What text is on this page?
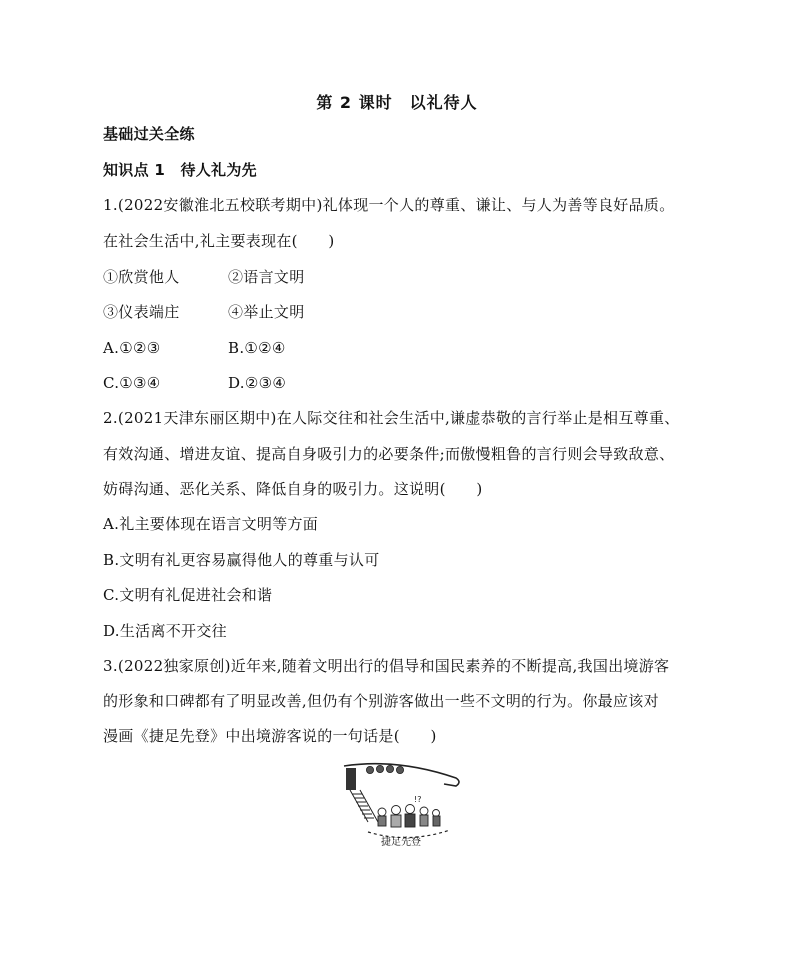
第 2 课时　以礼待人
基础过关全练
知识点 1　待人礼为先
1.(2022安徽淮北五校联考期中)礼体现一个人的尊重、谦让、与人为善等良好品质。
在社会生活中,礼主要表现在(　　)
①欣赏他人	②语言文明
③仪表端庄	④举止文明
A.①②③	B.①②④
C.①③④	D.②③④
2.(2021天津东丽区期中)在人际交往和社会生活中,谦虚恭敬的言行举止是相互尊重、
有效沟通、增进友谊、提高自身吸引力的必要条件;而傲慢粗鲁的言行则会导致敌意、
妨碍沟通、恶化关系、降低自身的吸引力。这说明(　　)
A.礼主要体现在语言文明等方面
B.文明有礼更容易赢得他人的尊重与认可
C.文明有礼促进社会和谐
D.生活离不开交往
3.(2022独家原创)近年来,随着文明出行的倡导和国民素养的不断提高,我国出境游客
的形象和口碑都有了明显改善,但仍有个别游客做出一些不文明的行为。你最应该对
漫画《捷足先登》中出境游客说的一句话是(　　)
!?
捷足先登
